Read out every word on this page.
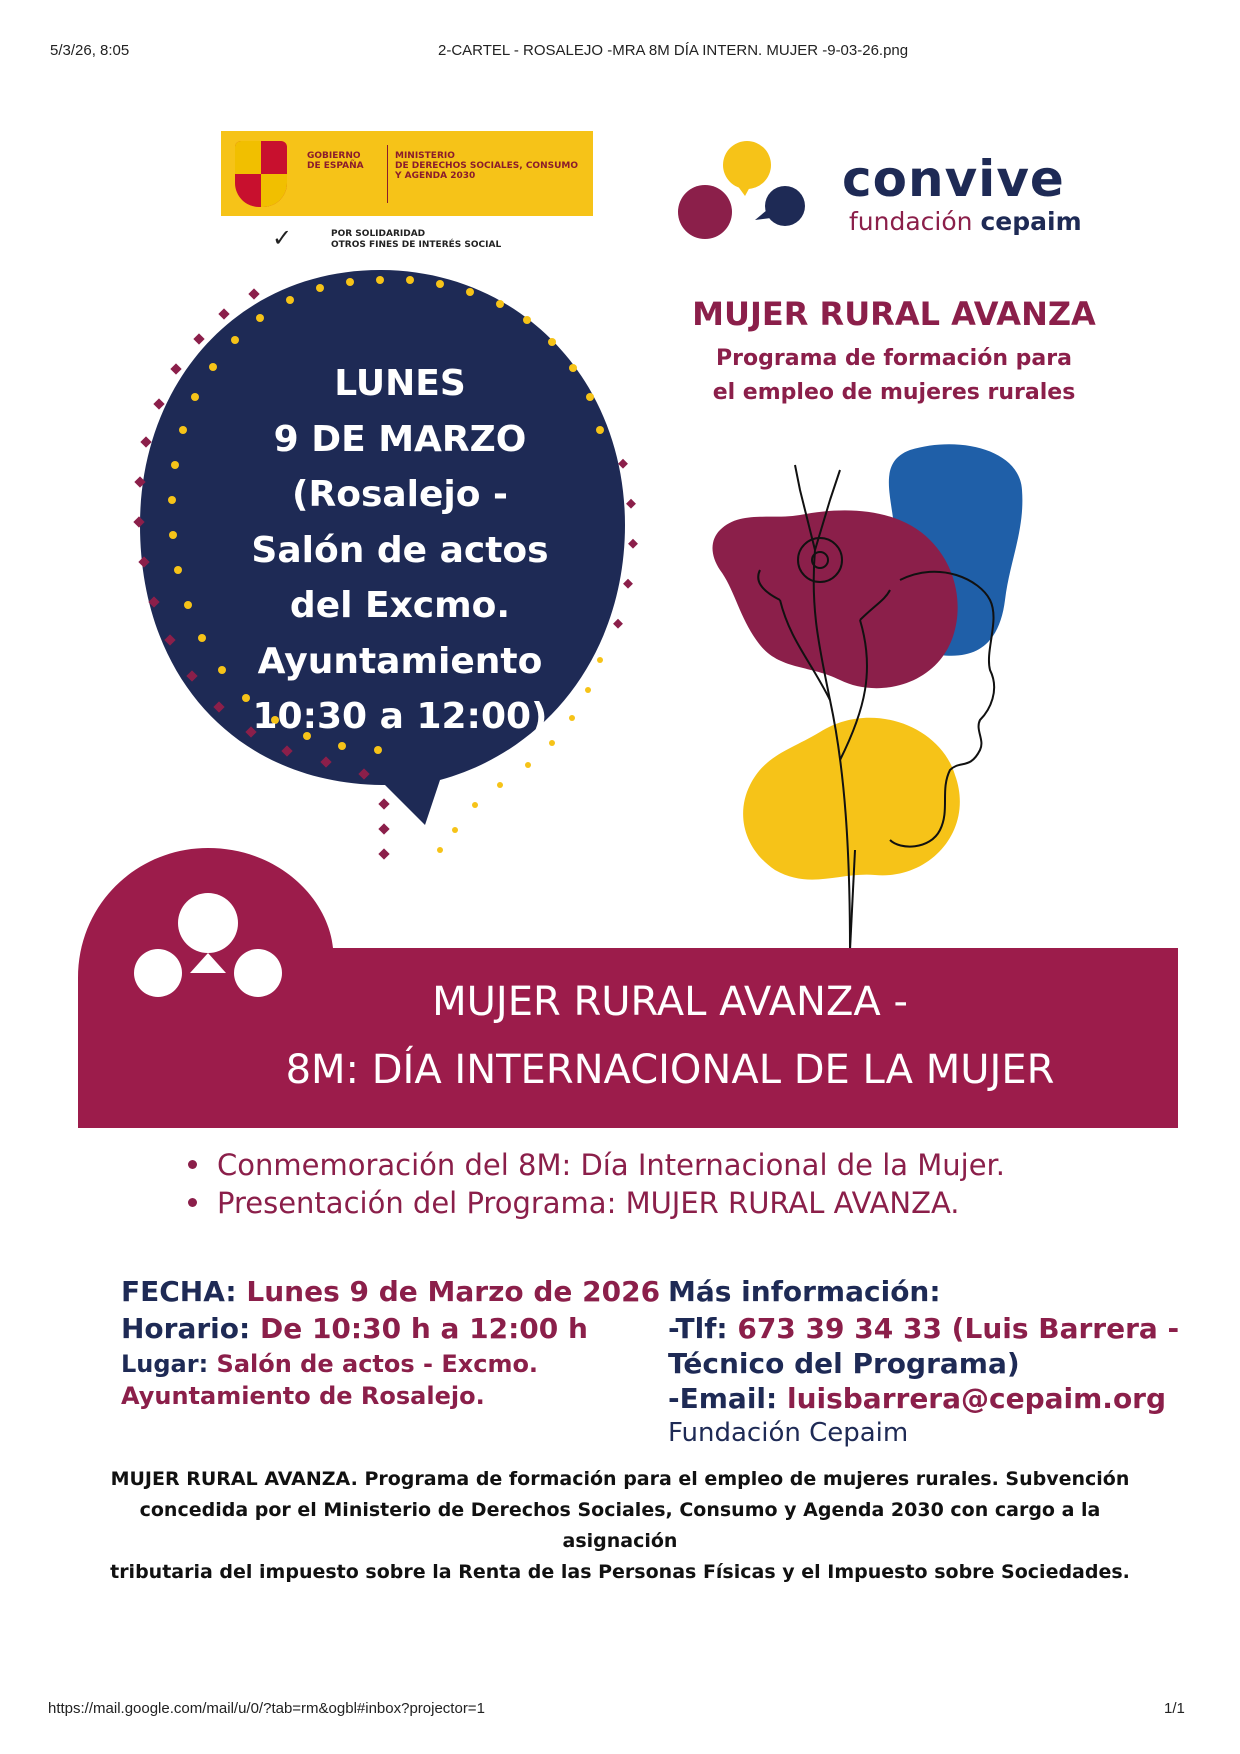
5/3/26, 8:05	2-CARTEL - ROSALEJO -MRA 8M DÍA INTERN. MUJER -9-03-26.png
GOBIERNO
DE ESPAÑA
MINISTERIO
DE DERECHOS SOCIALES, CONSUMO
Y AGENDA 2030
✓	POR SOLIDARIDAD
OTROS FINES DE INTERÉS SOCIAL
convive
fundación cepaim
MUJER RURAL AVANZA
Programa de formación para
el empleo de mujeres rurales
LUNES
9 DE MARZO
(Rosalejo -
Salón de actos
del Excmo.
Ayuntamiento
10:30 a 12:00)
MUJER RURAL AVANZA -
8M: DÍA INTERNACIONAL DE LA MUJER
Conmemoración del 8M: Día Internacional de la Mujer.
Presentación del Programa: MUJER RURAL AVANZA.
FECHA: Lunes 9 de Marzo de 2026
Horario: De 10:30 h a 12:00 h
Lugar: Salón de actos - Excmo.
Ayuntamiento de Rosalejo.
Más información:
-Tlf: 673 39 34 33 (Luis Barrera -
Técnico del Programa)
-Email: luisbarrera@cepaim.org
Fundación Cepaim
MUJER RURAL AVANZA. Programa de formación para el empleo de mujeres rurales. Subvención
concedida por el Ministerio de Derechos Sociales, Consumo y Agenda 2030 con cargo a la asignación
tributaria del impuesto sobre la Renta de las Personas Físicas y el Impuesto sobre Sociedades.
https://mail.google.com/mail/u/0/?tab=rm&ogbl#inbox?projector=1	1/1
